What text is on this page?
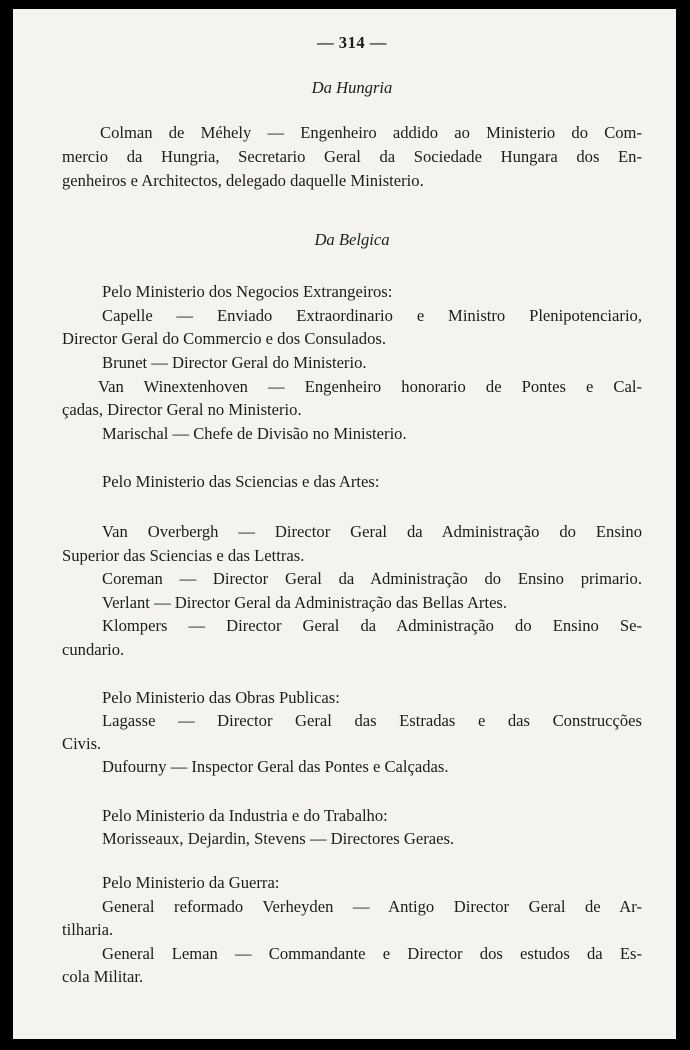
— 314 —
Da Hungria
Colman de Méhely — Engenheiro addido ao Ministerio do Com-
mercio da Hungria, Secretario Geral da Sociedade Hungara dos En-
genheiros e Architectos, delegado daquelle Ministerio.
Da Belgica
Pelo Ministerio dos Negocios Extrangeiros:
Capelle — Enviado Extraordinario e Ministro Plenipotenciario,
Director Geral do Commercio e dos Consulados.
Brunet — Director Geral do Ministerio.
Van Winextenhoven — Engenheiro honorario de Pontes e Cal-
çadas, Director Geral no Ministerio.
Marischal — Chefe de Divisão no Ministerio.
Pelo Ministerio das Sciencias e das Artes:
Van Overbergh — Director Geral da Administração do Ensino
Superior das Sciencias e das Lettras.
Coreman — Director Geral da Administração do Ensino primario.
Verlant — Director Geral da Administração das Bellas Artes.
Klompers — Director Geral da Administração do Ensino Se-
cundario.
Pelo Ministerio das Obras Publicas:
Lagasse — Director Geral das Estradas e das Construcções
Civis.
Dufourny — Inspector Geral das Pontes e Calçadas.
Pelo Ministerio da Industria e do Trabalho:
Morisseaux, Dejardin, Stevens — Directores Geraes.
Pelo Ministerio da Guerra:
General reformado Verheyden — Antigo Director Geral de Ar-
tilharia.
General Leman — Commandante e Director dos estudos da Es-
cola Militar.
